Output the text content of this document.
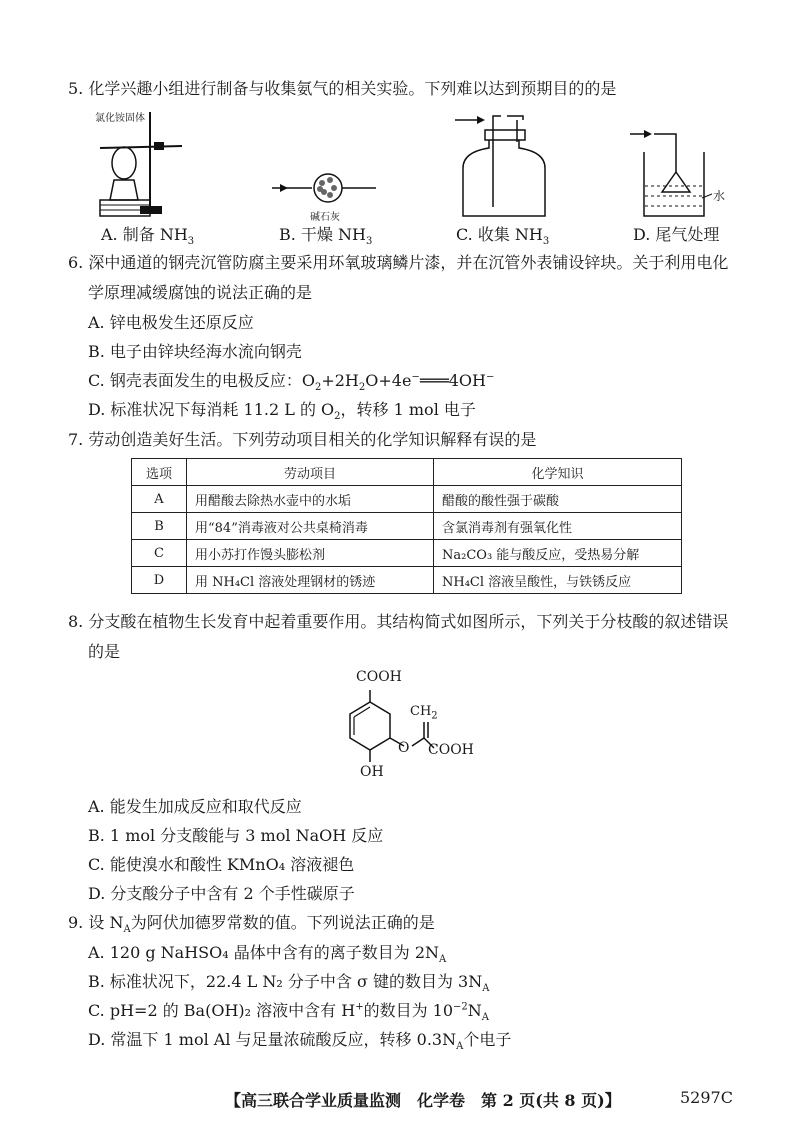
5. 化学兴趣小组进行制备与收集氨气的相关实验。下列难以达到预期目的的是
氯化铵固体
碱石灰
水
A. 制备 $NH_3$	B. 干燥 $NH_3$	C. 收集 $NH_3$	D. 尾气处理
6. 深中通道的钢壳沉管防腐主要采用环氧玻璃鳞片漆，并在沉管外表铺设锌块。关于利用电化
学原理减缓腐蚀的说法正确的是
A. 锌电极发生还原反应
B. 电子由锌块经海水流向钢壳
C. 钢壳表面发生的电极反应：$O_2+2H_2O+4e^-═══4OH^-$
D. 标准状况下每消耗 11.2 L 的 $O_2$，转移 1 mol 电子
7. 劳动创造美好生活。下列劳动项目相关的化学知识解释有误的是
选项	劳动项目	化学知识
A	用醋酸去除热水壶中的水垢	醋酸的酸性强于碳酸
B	用“84”消毒液对公共桌椅消毒	含氯消毒剂有强氧化性
C	用小苏打作馒头膨松剂	Na₂CO₃ 能与酸反应，受热易分解
D	用 NH₄Cl 溶液处理钢材的锈迹	NH₄Cl 溶液呈酸性，与铁锈反应
8. 分支酸在植物生长发育中起着重要作用。其结构简式如图所示，下列关于分枝酸的叙述错误
的是
COOH
$CH_2$
O COOH
OH
A. 能发生加成反应和取代反应
B. 1 mol 分支酸能与 3 mol NaOH 反应
C. 能使溴水和酸性 KMnO₄ 溶液褪色
D. 分支酸分子中含有 2 个手性碳原子
9. 设 $N_A$为阿伏加德罗常数的值。下列说法正确的是
A. 120 g NaHSO₄ 晶体中含有的离子数目为 $2N_A$
B. 标准状况下，22.4 L N₂ 分子中含 σ 键的数目为 $3N_A$
C. pH=2 的 Ba(OH)₂ 溶液中含有 H+的数目为 $10^{-2}N_A$
D. 常温下 1 mol Al 与足量浓硫酸反应，转移 $0.3N_A$个电子
【高三联合学业质量监测　化学卷　第 2 页(共 8 页)】	5297C
